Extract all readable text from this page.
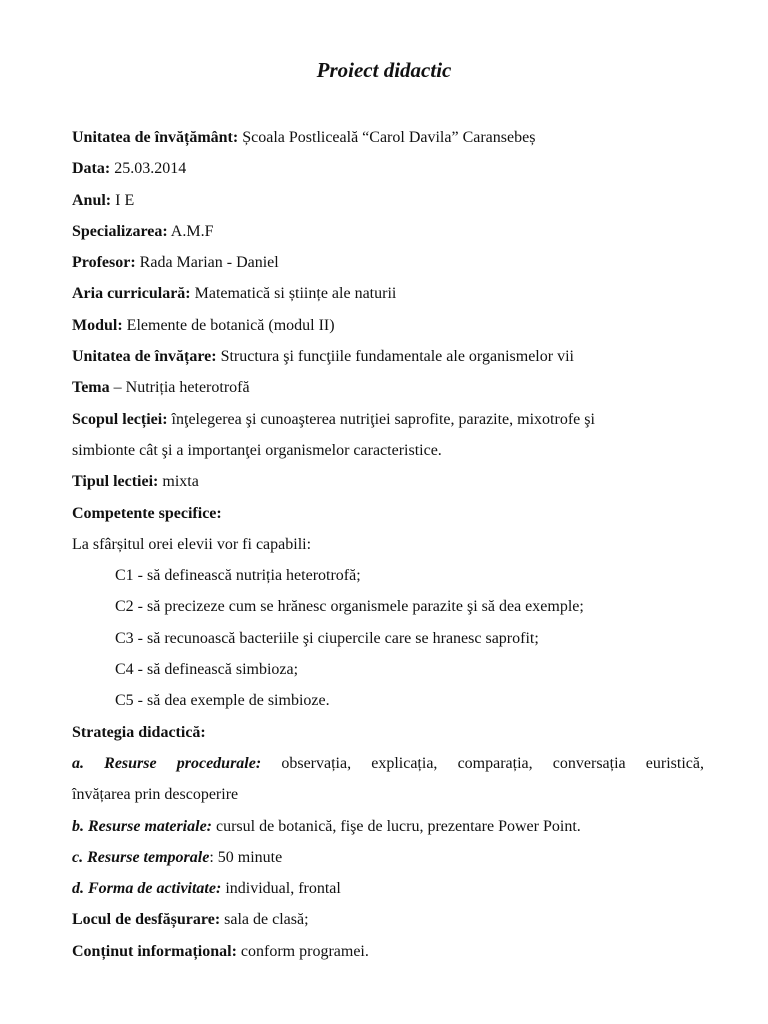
Proiect didactic
Unitatea de învățământ: Școala Postliceală “Carol Davila” Caransebeș
Data: 25.03.2014
Anul: I E
Specializarea: A.M.F
Profesor: Rada Marian - Daniel
Aria curriculară: Matematică si științe ale naturii
Modul: Elemente de botanică (modul II)
Unitatea de învățare: Structura şi funcţiile fundamentale ale organismelor vii
Tema – Nutriția heterotrofă
Scopul lecției: înţelegerea şi cunoaşterea nutriţiei saprofite, parazite, mixotrofe şi
simbionte cât şi a importanţei organismelor caracteristice.
Tipul lectiei: mixta
Competente specifice:
La sfârșitul orei elevii vor fi capabili:
C1 - să definească nutriția heterotrofă;
C2 - să precizeze cum se hrănesc organismele parazite şi să dea exemple;
C3 - să recunoască bacteriile şi ciupercile care se hranesc saprofit;
C4 - să definească simbioza;
C5 - să dea exemple de simbioze.
Strategia didactică:
a. Resurse procedurale: observația, explicația, comparația, conversația euristică,
învățarea prin descoperire
b. Resurse materiale: cursul de botanică, fişe de lucru, prezentare Power Point.
c. Resurse temporale: 50 minute
d. Forma de activitate: individual, frontal
Locul de desfășurare: sala de clasă;
Conținut informațional: conform programei.
